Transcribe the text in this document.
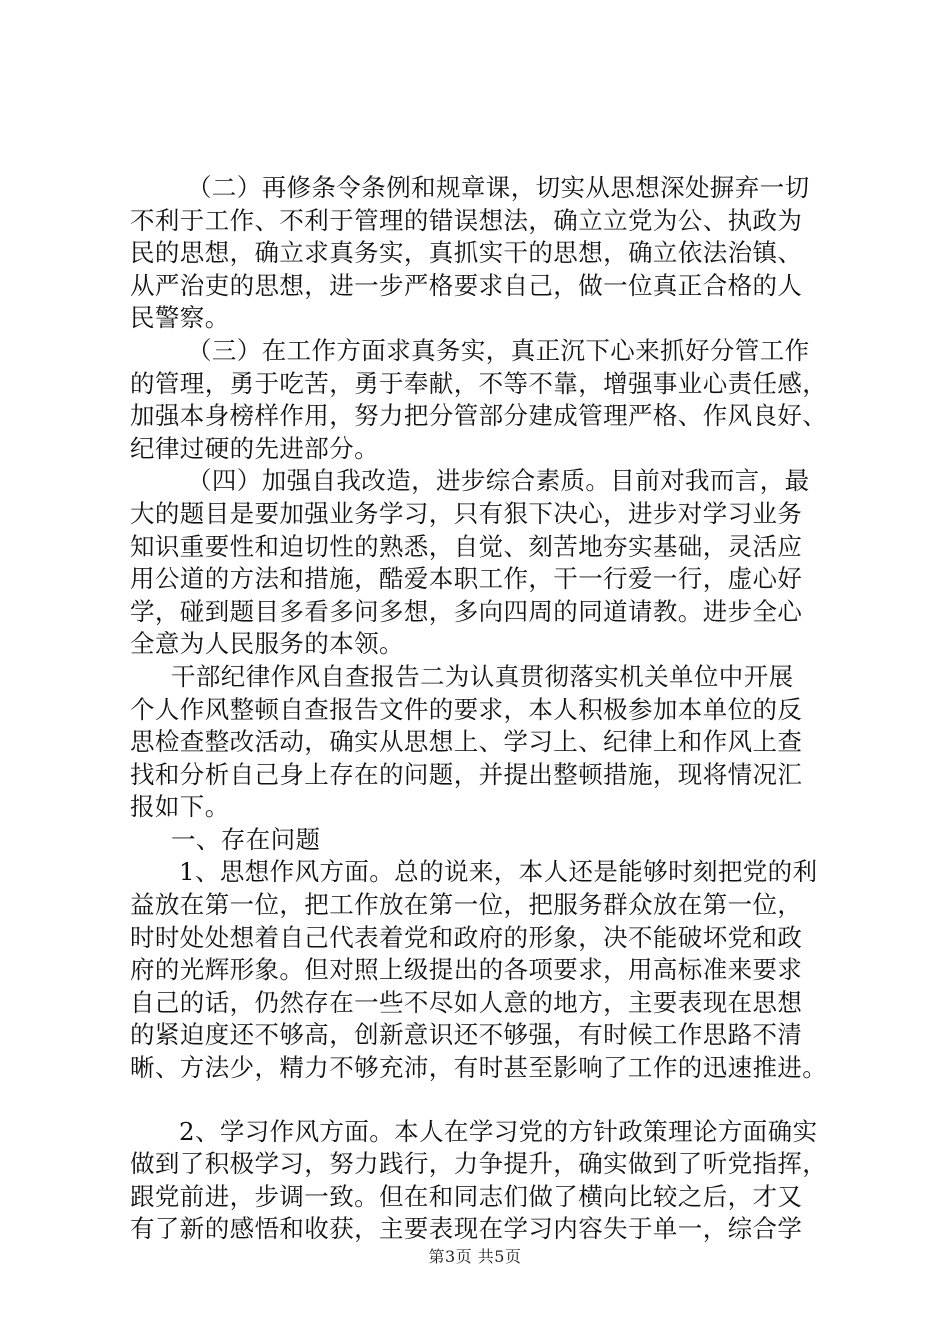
（二）再修条令条例和规章课，切实从思想深处摒弃一切
不利于工作、不利于管理的错误想法，确立立党为公、执政为
民的思想，确立求真务实，真抓实干的思想，确立依法治镇、
从严治吏的思想，进一步严格要求自己，做一位真正合格的人
民警察。
（三）在工作方面求真务实，真正沉下心来抓好分管工作
的管理，勇于吃苦，勇于奉献，不等不靠，增强事业心责任感，
加强本身榜样作用，努力把分管部分建成管理严格、作风良好、
纪律过硬的先进部分。
（四）加强自我改造，进步综合素质。目前对我而言，最
大的题目是要加强业务学习，只有狠下决心，进步对学习业务
知识重要性和迫切性的熟悉，自觉、刻苦地夯实基础，灵活应
用公道的方法和措施，酷爱本职工作，干一行爱一行，虚心好
学，碰到题目多看多问多想，多向四周的同道请教。进步全心
全意为人民服务的本领。
干部纪律作风自查报告二为认真贯彻落实机关单位中开展
个人作风整顿自查报告文件的要求，本人积极参加本单位的反
思检查整改活动，确实从思想上、学习上、纪律上和作风上查
找和分析自己身上存在的问题，并提出整顿措施，现将情况汇
报如下。
一、存在问题
1、思想作风方面。总的说来，本人还是能够时刻把党的利
益放在第一位，把工作放在第一位，把服务群众放在第一位，
时时处处想着自己代表着党和政府的形象，决不能破坏党和政
府的光辉形象。但对照上级提出的各项要求，用高标准来要求
自己的话，仍然存在一些不尽如人意的地方，主要表现在思想
的紧迫度还不够高，创新意识还不够强，有时候工作思路不清
晰、方法少，精力不够充沛，有时甚至影响了工作的迅速推进。
2、学习作风方面。本人在学习党的方针政策理论方面确实
做到了积极学习，努力践行，力争提升，确实做到了听党指挥，
跟党前进，步调一致。但在和同志们做了横向比较之后，才又
有了新的感悟和收获，主要表现在学习内容失于单一，综合学
第3页 共5页
